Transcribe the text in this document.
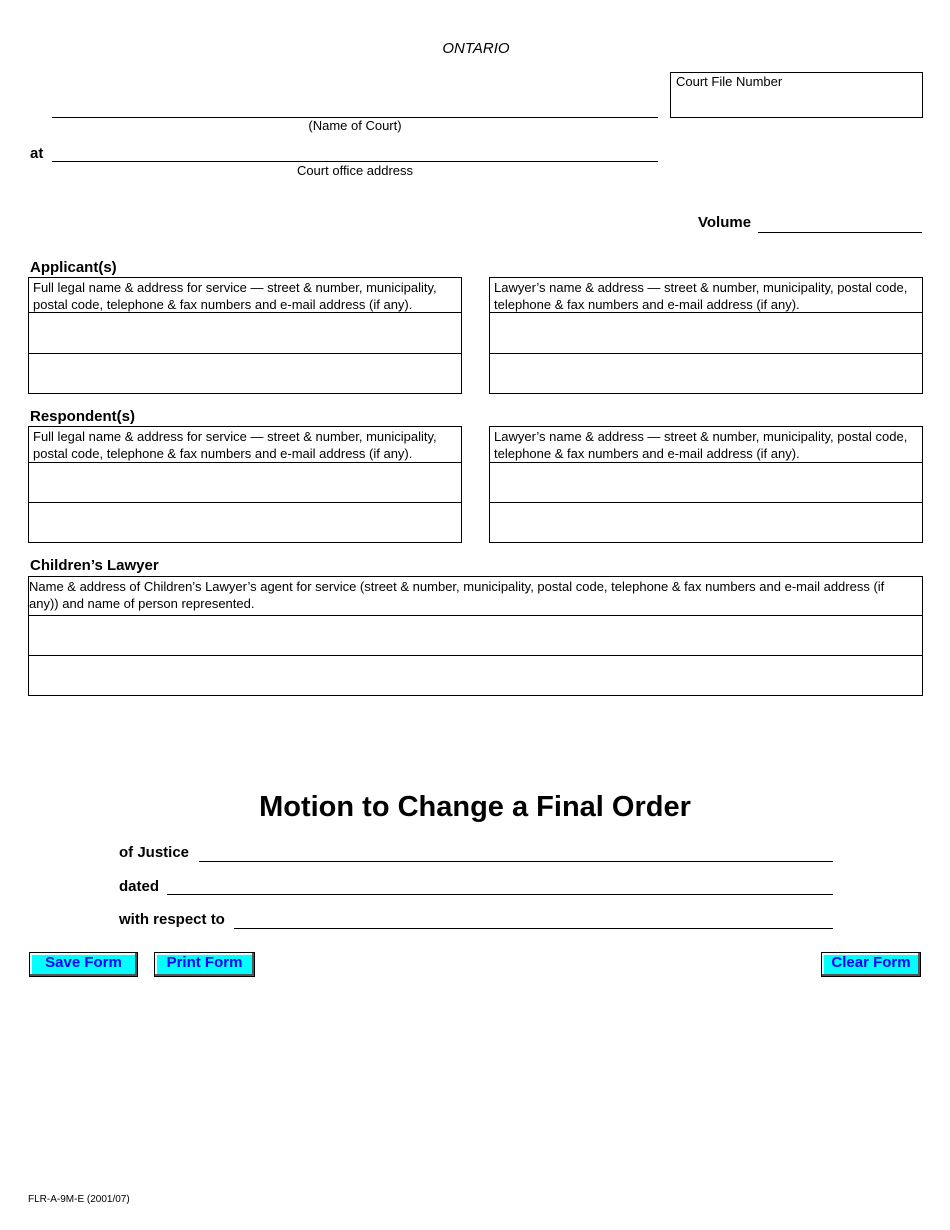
ONTARIO
Court File Number
(Name of Court)
at
Court office address
Volume
Applicant(s)
Full legal name & address for service — street & number, municipality, postal code, telephone & fax numbers and e-mail address (if any).
Lawyer’s name & address — street & number, municipality, postal code, telephone & fax numbers and e-mail address (if any).
Respondent(s)
Full legal name & address for service — street & number, municipality, postal code, telephone & fax numbers and e-mail address (if any).
Lawyer’s name & address — street & number, municipality, postal code, telephone & fax numbers and e-mail address (if any).
Children’s Lawyer
Name & address of Children’s Lawyer’s agent for service (street & number, municipality, postal code, telephone & fax numbers and e-mail address (if any)) and name of person represented.
Motion to Change a Final Order
of Justice
dated
with respect to
Save Form	Print Form	Clear Form
FLR-A-9M-E (2001/07)
